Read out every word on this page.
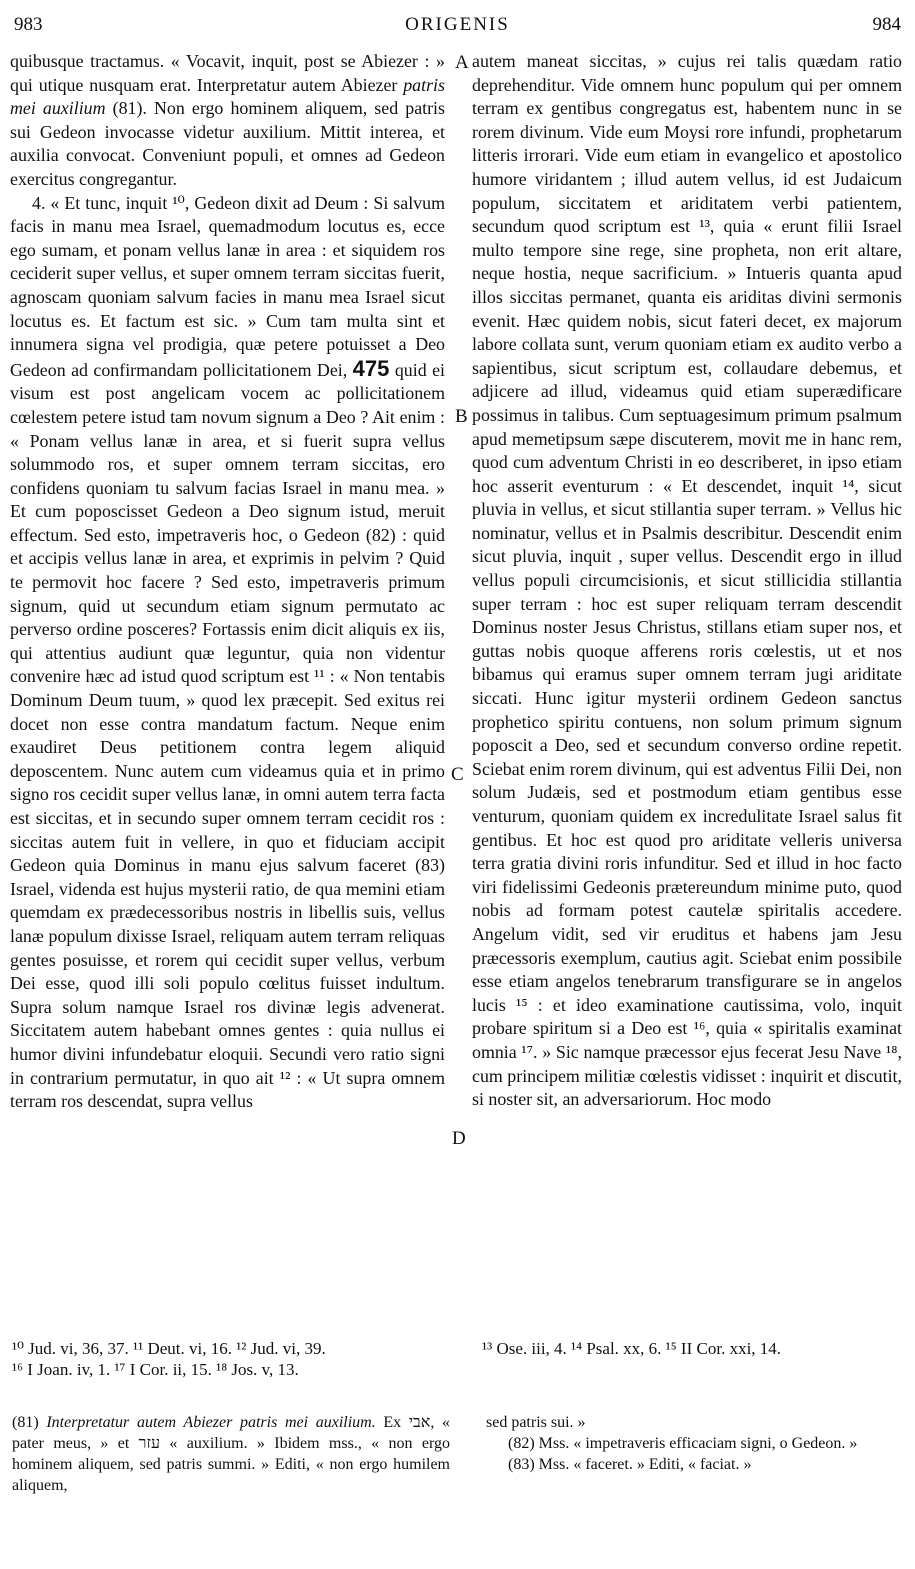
983	ORIGENIS	984
A
B
C
D

quibusque tractamus. « Vocavit, inquit, post se Abiezer : » qui utique nusquam erat. Interpretatur autem Abiezer patris mei auxilium (81). Non ergo hominem aliquem, sed patris sui Gedeon invocasse videtur auxilium. Mittit interea, et auxilia convocat. Conveniunt populi, et omnes ad Gedeon exercitus congregantur.

4. « Et tunc, inquit ¹⁰, Gedeon dixit ad Deum : Si salvum facis in manu mea Israel, quemadmodum locutus es, ecce ego sumam, et ponam vellus lanæ in area : et siquidem ros ceciderit super vellus, et super omnem terram siccitas fuerit, agnoscam quoniam salvum facies in manu mea Israel sicut locutus es. Et factum est sic. » Cum tam multa sint et innumera signa vel prodigia, quæ petere potuisset a Deo Gedeon ad confirmandam pollicitationem Dei, 475 quid ei visum est post angelicam vocem ac pollicitationem cœlestem petere istud tam novum signum a Deo ? Ait enim : « Ponam vellus lanæ in area, et si fuerit supra vellus solummodo ros, et super omnem terram siccitas, ero confidens quoniam tu salvum facias Israel in manu mea. » Et cum poposcisset Gedeon a Deo signum istud, meruit effectum. Sed esto, impetraveris hoc, o Gedeon (82) : quid et accipis vellus lanæ in area, et exprimis in pelvim ? Quid te permovit hoc facere ? Sed esto, impetraveris primum signum, quid ut secundum etiam signum permutato ac perverso ordine posceres? Fortassis enim dicit aliquis ex iis, qui attentius audiunt quæ leguntur, quia non videntur convenire hæc ad istud quod scriptum est ¹¹ : « Non tentabis Dominum Deum tuum, » quod lex præcepit. Sed exitus rei docet non esse contra mandatum factum. Neque enim exaudiret Deus petitionem contra legem aliquid deposcentem. Nunc autem cum videamus quia et in primo signo ros cecidit super vellus lanæ, in omni autem terra facta est siccitas, et in secundo super omnem terram cecidit ros : siccitas autem fuit in vellere, in quo et fiduciam accipit Gedeon quia Dominus in manu ejus salvum faceret (83) Israel, videnda est hujus mysterii ratio, de qua memini etiam quemdam ex prædecessoribus nostris in libellis suis, vellus lanæ populum dixisse Israel, reliquam autem terram reliquas gentes posuisse, et rorem qui cecidit super vellus, verbum Dei esse, quod illi soli populo cœlitus fuisset indultum. Supra solum namque Israel ros divinæ legis advenerat. Siccitatem autem habebant omnes gentes : quia nullus ei humor divini infundebatur eloquii. Secundi vero ratio signi in contrarium permutatur, in quo ait ¹² : « Ut supra omnem terram ros descendat, supra vellus

autem maneat siccitas, » cujus rei talis quædam ratio deprehenditur. Vide omnem hunc populum qui per omnem terram ex gentibus congregatus est, habentem nunc in se rorem divinum. Vide eum Moysi rore infundi, prophetarum litteris irrorari. Vide eum etiam in evangelico et apostolico humore viridantem ; illud autem vellus, id est Judaicum populum, siccitatem et ariditatem verbi patientem, secundum quod scriptum est ¹³, quia « erunt filii Israel multo tempore sine rege, sine propheta, non erit altare, neque hostia, neque sacrificium. » Intueris quanta apud illos siccitas permanet, quanta eis ariditas divini sermonis evenit. Hæc quidem nobis, sicut fateri decet, ex majorum labore collata sunt, verum quoniam etiam ex audito verbo a sapientibus, sicut scriptum est, collaudare debemus, et adjicere ad illud, videamus quid etiam superædificare possimus in talibus. Cum septuagesimum primum psalmum apud memetipsum sæpe discuterem, movit me in hanc rem, quod cum adventum Christi in eo describeret, in ipso etiam hoc asserit eventurum : « Et descendet, inquit ¹⁴, sicut pluvia in vellus, et sicut stillantia super terram. » Vellus hic nominatur, vellus et in Psalmis describitur. Descendit enim sicut pluvia, inquit , super vellus. Descendit ergo in illud vellus populi circumcisionis, et sicut stillicidia stillantia super terram : hoc est super reliquam terram descendit Dominus noster Jesus Christus, stillans etiam super nos, et guttas nobis quoque afferens roris cœlestis, ut et nos bibamus qui eramus super omnem terram jugi ariditate siccati. Hunc igitur mysterii ordinem Gedeon sanctus prophetico spiritu contuens, non solum primum signum poposcit a Deo, sed et secundum converso ordine repetit. Sciebat enim rorem divinum, qui est adventus Filii Dei, non solum Judæis, sed et postmodum etiam gentibus esse venturum, quoniam quidem ex incredulitate Israel salus fit gentibus. Et hoc est quod pro ariditate velleris universa terra gratia divini roris infunditur. Sed et illud in hoc facto viri fidelissimi Gedeonis prætereundum minime puto, quod nobis ad formam potest cautelæ spiritalis accedere. Angelum vidit, sed vir eruditus et habens jam Jesu præcessoris exemplum, cautius agit. Sciebat enim possibile esse etiam angelos tenebrarum transfigurare se in angelos lucis ¹⁵ : et ideo examinatione cautissima, volo, inquit probare spiritum si a Deo est ¹⁶, quia « spiritalis examinat omnia ¹⁷. » Sic namque præcessor ejus fecerat Jesu Nave ¹⁸, cum principem militiæ cœlestis vidisset : inquirit et discutit, si noster sit, an adversariorum. Hoc modo

¹⁰ Jud. vi, 36, 37. ¹¹ Deut. vi, 16. ¹² Jud. vi, 39.
¹⁶ I Joan. iv, 1. ¹⁷ I Cor. ii, 15. ¹⁸ Jos. v, 13.
¹³ Ose. iii, 4. ¹⁴ Psal. xx, 6. ¹⁵ II Cor. xxi, 14.

(81) Interpretatur autem Abiezer patris mei auxilium. Ex אבי, « pater meus, » et עזר « auxilium. » Ibidem mss., « non ergo hominem aliquem, sed patris summi. » Editi, « non ergo humilem aliquem,

sed patris sui. »

(82) Mss. « impetraveris efficaciam signi, o Gedeon. »

(83) Mss. « faceret. » Editi, « faciat. »
